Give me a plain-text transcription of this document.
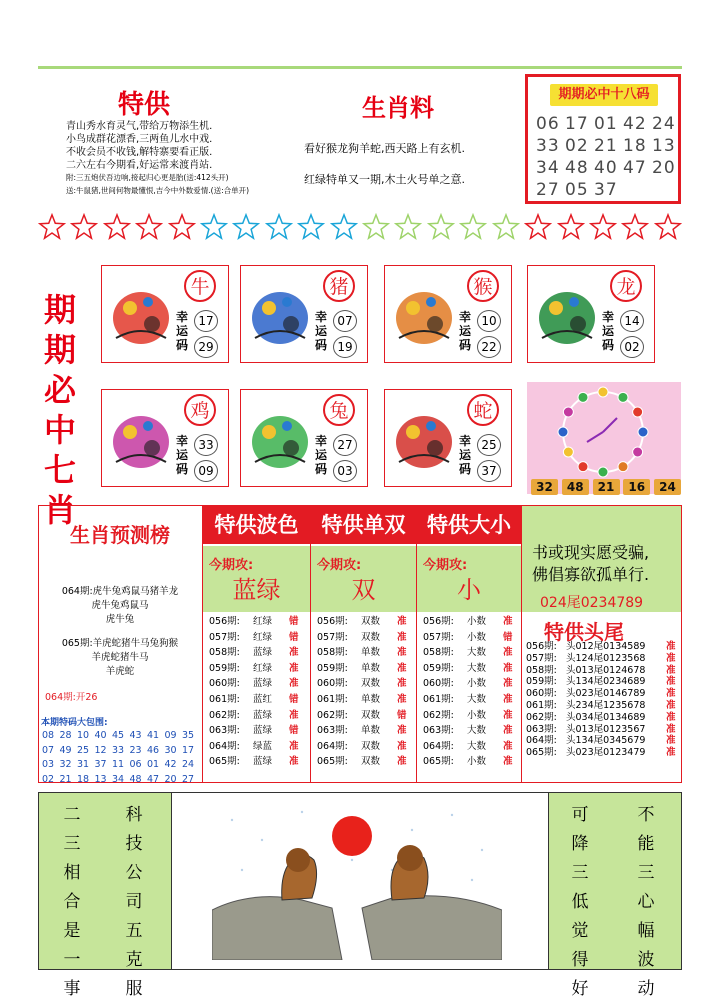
特供
青山秀水育灵气,带给万物添生机.
小鸟成群花漂香,三两鱼儿水中戏.
不收会员不收钱,解特寨要看正版.
二六左右今期看,好运常来渡肖站.
附:三五炮伏吾边响,接起归心更是胎(送:412头开)
送:牛鼠猪,世间何物最懂恨,吉今中外数爱情.(送:合单开)
生肖料
看好猴龙狗羊蛇,西天路上有玄机.
红绿特单又一期,木土火号单之意.
期期必中十八码
06 17 01 42 24
33 02 21 18 13
34 48 40 47 20
27 05 37
期
期
必
中
七
肖
牛
幸
运
码
17
29
猪
幸
运
码
07
19
猴
幸
运
码
10
22
龙
幸
运
码
14
02
鸡
幸
运
码
33
09
兔
幸
运
码
27
03
蛇
幸
运
码
25
37
32	48	21	16	24
生肖预测榜
064期:虎牛兔鸡鼠马猪羊龙
虎牛兔鸡鼠马
虎牛兔
065期:羊虎蛇猪牛马兔狗猴
羊虎蛇猪牛马
羊虎蛇
064期:开26
本期特码大包围:
08 28 10 40 45 43 41 09 35
07 49 25 12 33 23 46 30 17
03 32 31 37 11 06 01 42 24
02 21 18 13 34 48 47 20 27
特供波色
今期攻:
蓝绿
056期:	红绿	错
057期:	红绿	错
058期:	蓝绿	准
059期:	红绿	准
060期:	蓝绿	准
061期:	蓝红	错
062期:	蓝绿	准
063期:	蓝绿	错
064期:	绿蓝	准
065期:	蓝绿	准
特供单双
今期攻:
双
056期:	双数	准
057期:	双数	准
058期:	单数	准
059期:	单数	准
060期:	双数	准
061期:	单数	准
062期:	双数	错
063期:	单数	准
064期:	双数	准
065期:	双数	准
特供大小
今期攻:
小
056期:	小数	准
057期:	小数	错
058期:	大数	准
059期:	大数	准
060期:	小数	准
061期:	大数	准
062期:	小数	准
063期:	大数	准
064期:	大数	准
065期:	小数	准
书或现实愿受骗,
佛倡寡欲孤单行.
024尾0234789
特供头尾
056期: 头012尾0134589	准
057期: 头124尾0123568	准
058期: 头013尾0124678	准
059期: 头134尾0234689	准
060期: 头023尾0146789	准
061期: 头234尾1235678	准
062期: 头034尾0134689	准
063期: 头013尾0123567	准
064期: 头134尾0345679	准
065期: 头023尾0123479	准
二
三
相
合
是
一
事
科
技
公
司
五
克
服
可
降
三
低
觉
得
好
不
能
三
心
幅
波
动
